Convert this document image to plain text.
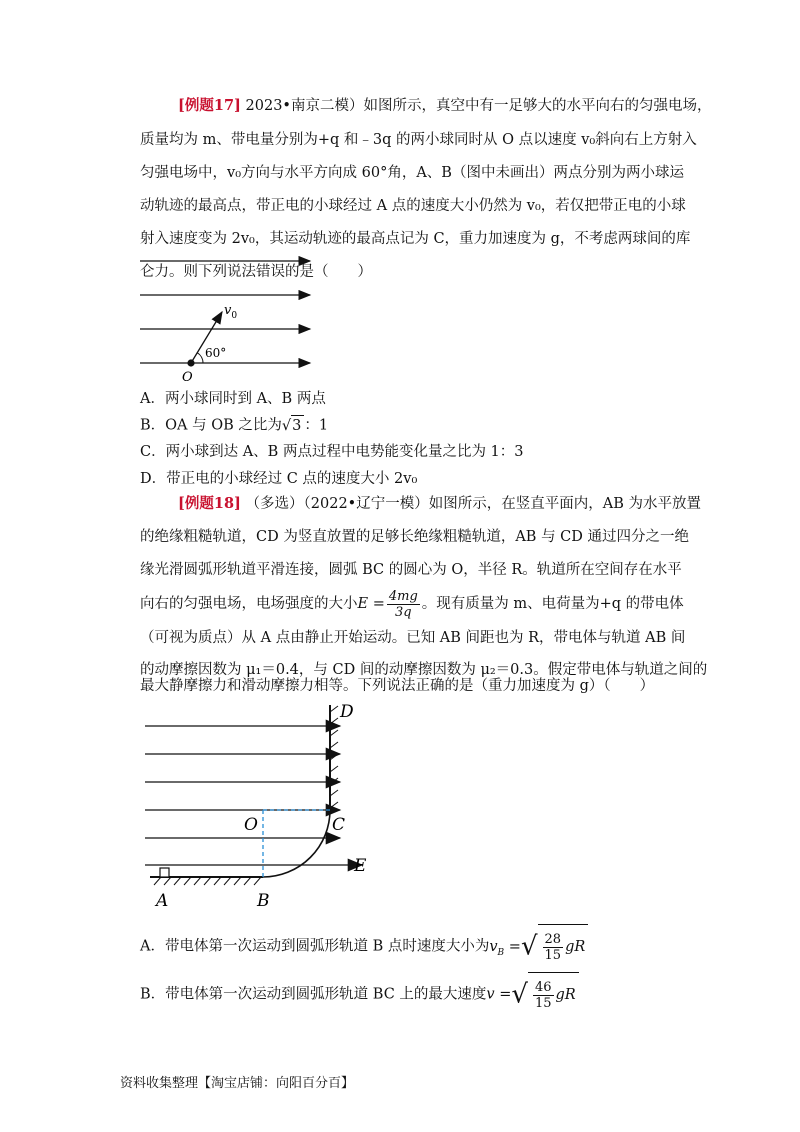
[例题17] 2023•南京二模）如图所示，真空中有一足够大的水平向右的匀强电场，
质量均为 m、带电量分别为+q 和﹣3q 的两小球同时从 O 点以速度 v₀斜向右上方射入
匀强电场中，v₀方向与水平方向成 60°角，A、B（图中未画出）两点分别为两小球运
动轨迹的最高点，带正电的小球经过 A 点的速度大小仍然为 v₀，若仅把带正电的小球
射入速度变为 2v₀，其运动轨迹的最高点记为 C，重力加速度为 g，不考虑两球间的库
仑力。则下列说法错误的是（　　）
$v_0$
60°
O
A．两小球同时到 A、B 两点
B．OA 与 OB 之比为√3 ：1
C．两小球到达 A、B 两点过程中电势能变化量之比为 1：3
D．带正电的小球经过 C 点的速度大小 2v₀
[例题18] （多选）（2022•辽宁一模）如图所示，在竖直平面内，AB 为水平放置
的绝缘粗糙轨道，CD 为竖直放置的足够长绝缘粗糙轨道，AB 与 CD 通过四分之一绝
缘光滑圆弧形轨道平滑连接，圆弧 BC 的圆心为 O，半径 R。轨道所在空间存在水平
向右的匀强电场，电场强度的大小$E = \frac{4mg}{3q}$ 。现有质量为 m、电荷量为+q 的带电体
（可视为质点）从 A 点由静止开始运动。已知 AB 间距也为 R，带电体与轨道 AB 间
的动摩擦因数为 μ₁＝0.4，与 CD 间的动摩擦因数为 μ₂＝0.3。假定带电体与轨道之间的
最大静摩擦力和滑动摩擦力相等。下列说法正确的是（重力加速度为 g）（　　）
D
O	C
E
A	B
A．带电体第一次运动到圆弧形轨道 B 点时速度大小为$v_B$ =√ $\frac{28}{15}$ gR
B．带电体第一次运动到圆弧形轨道 BC 上的最大速度v =√ $\frac{46}{15}$ gR
资料收集整理【淘宝店铺：向阳百分百】
